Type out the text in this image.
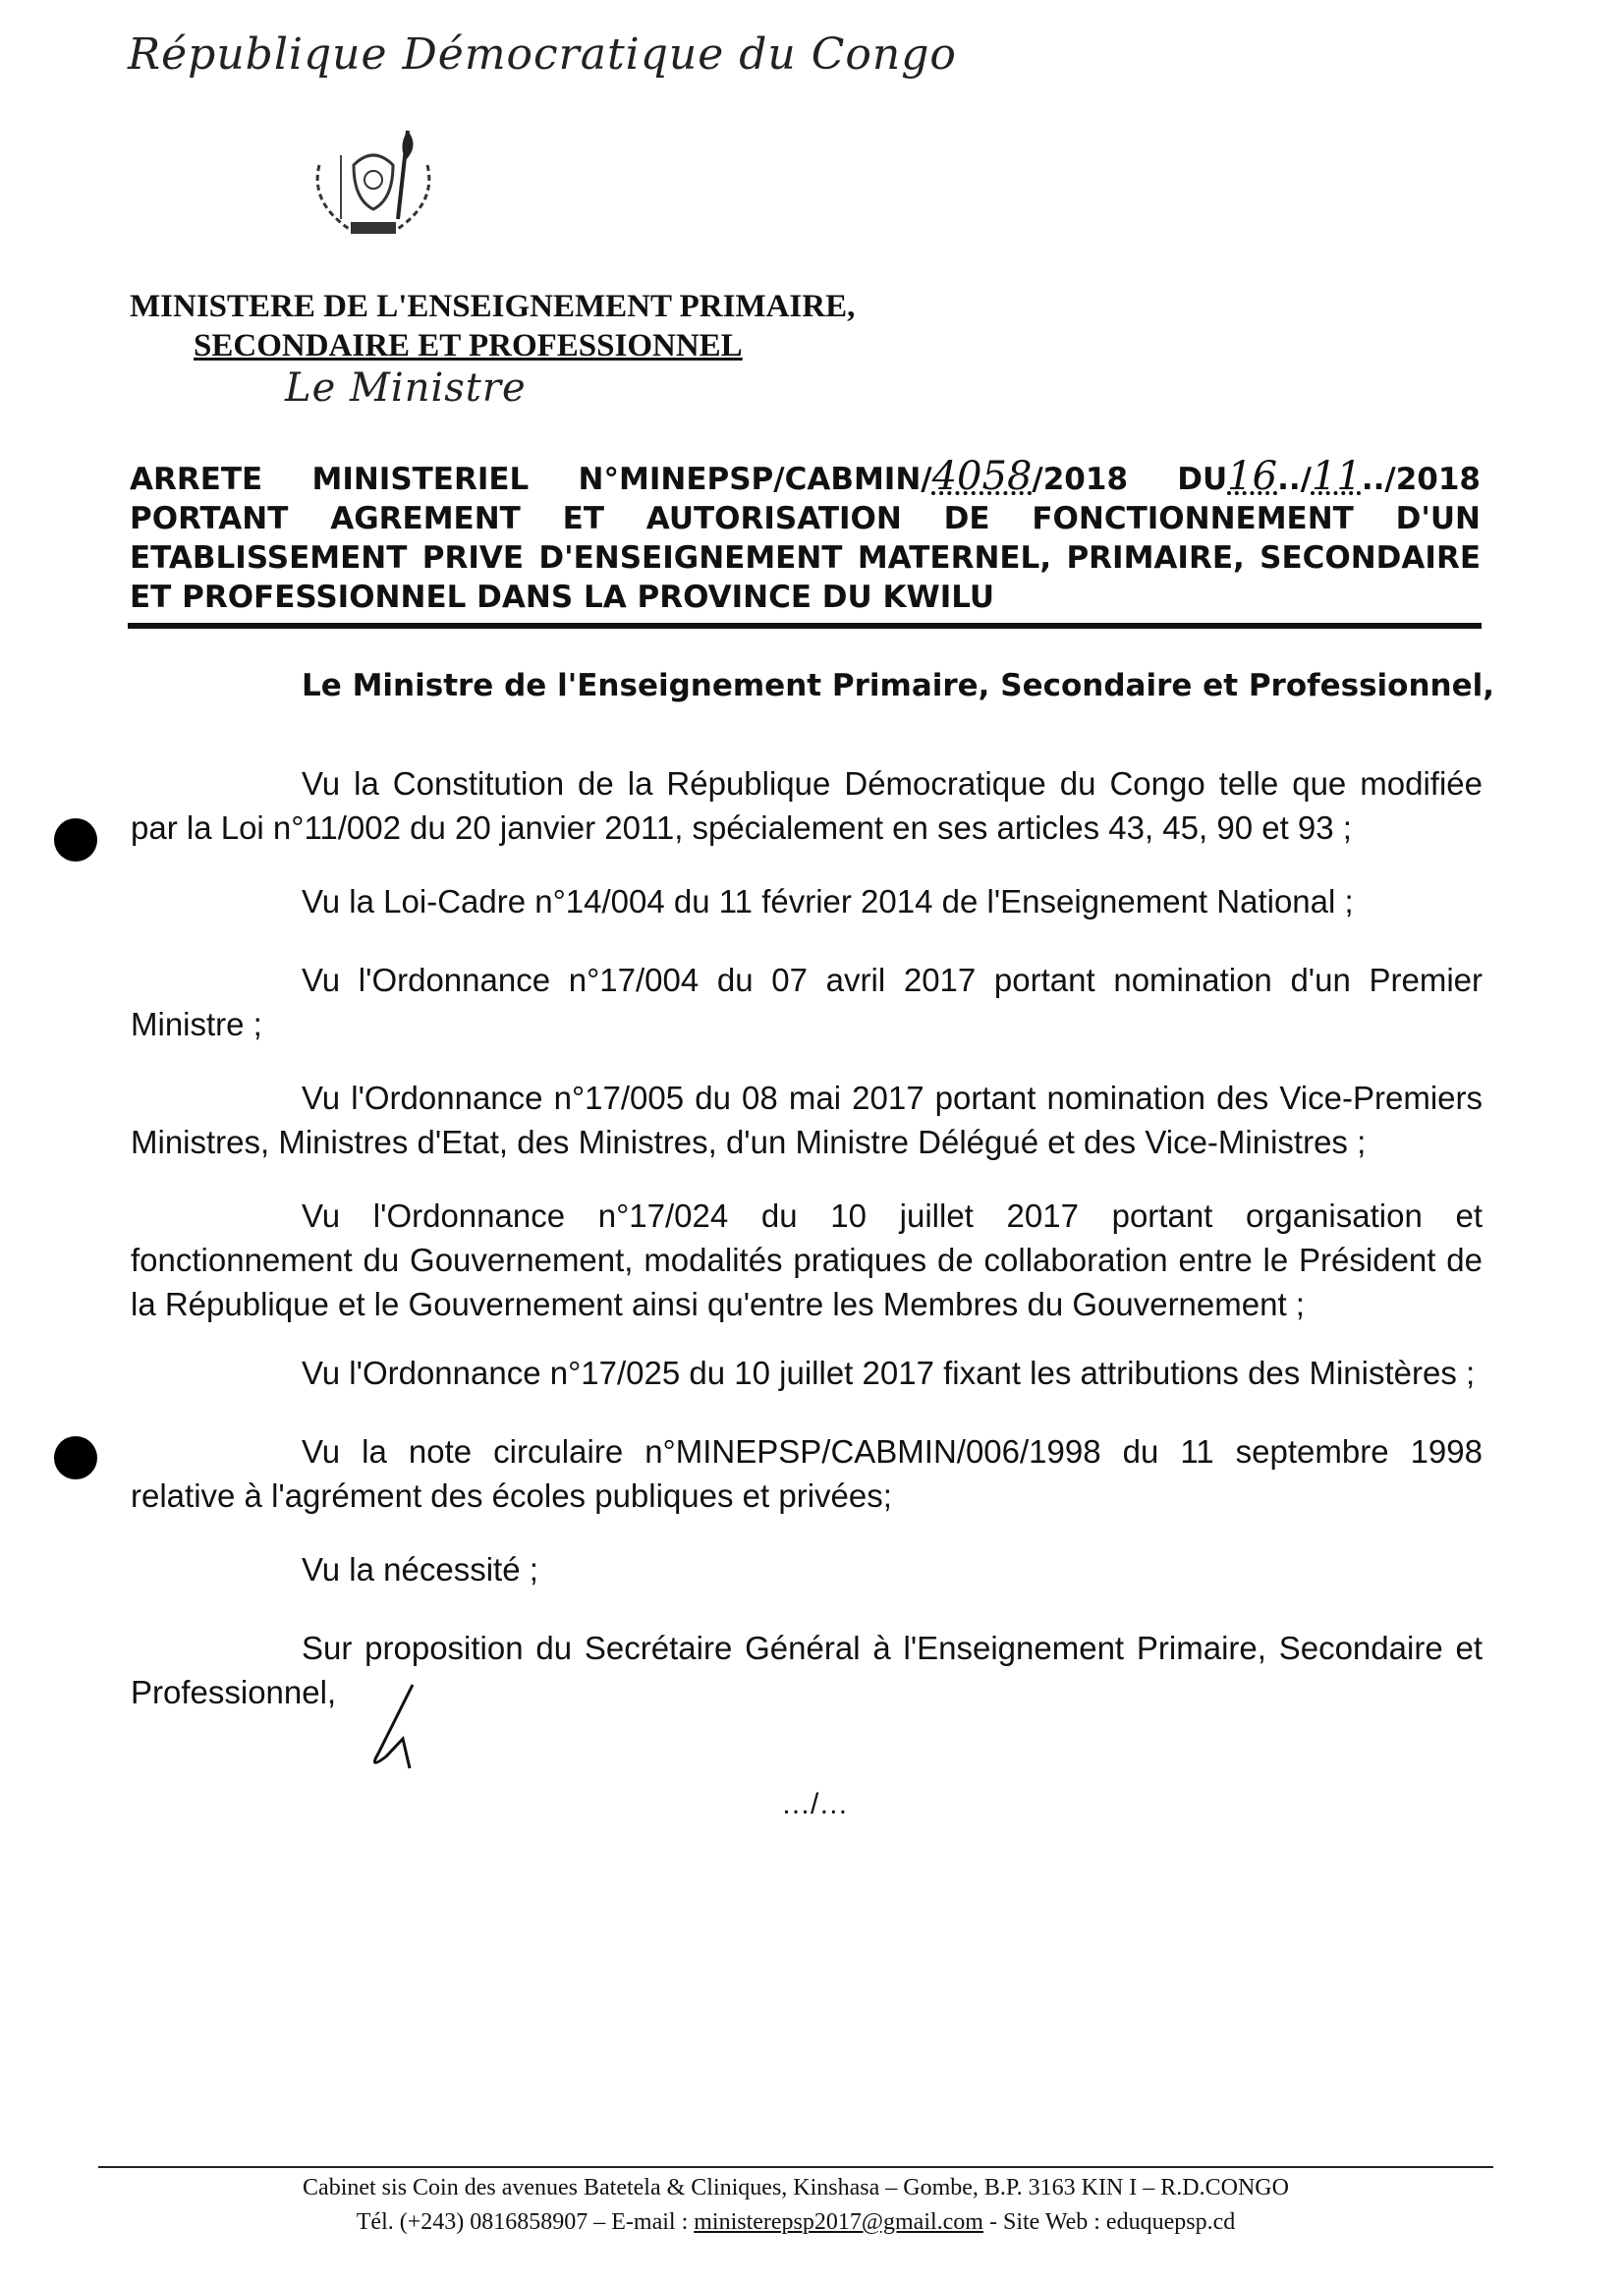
République Démocratique du Congo
MINISTERE DE L'ENSEIGNEMENT PRIMAIRE,
SECONDAIRE ET PROFESSIONNEL
Le Ministre
ARRETE MINISTERIEL N°MINEPSP/CABMIN/4058/2018 DU16../11../2018
PORTANT AGREMENT ET AUTORISATION DE FONCTIONNEMENT D'UN
ETABLISSEMENT PRIVE D'ENSEIGNEMENT MATERNEL, PRIMAIRE, SECONDAIRE
ET PROFESSIONNEL DANS LA PROVINCE DU KWILU
Le Ministre de l'Enseignement Primaire, Secondaire et Professionnel,
Vu la Constitution de la République Démocratique du Congo telle que modifiée par la Loi n°11/002 du 20 janvier 2011, spécialement en ses articles 43, 45, 90 et 93 ;
Vu la Loi-Cadre n°14/004 du 11 février 2014 de l'Enseignement National ;
Vu l'Ordonnance n°17/004 du 07 avril 2017 portant nomination d'un Premier Ministre ;
Vu l'Ordonnance n°17/005 du 08 mai 2017 portant nomination des Vice-Premiers Ministres, Ministres d'Etat, des Ministres, d'un Ministre Délégué et des Vice-Ministres ;
Vu l'Ordonnance n°17/024 du 10 juillet 2017 portant organisation et fonctionnement du Gouvernement, modalités pratiques de collaboration entre le Président de la République et le Gouvernement ainsi qu'entre les Membres du Gouvernement ;
Vu l'Ordonnance n°17/025 du 10 juillet 2017 fixant les attributions des Ministères ;
Vu la note circulaire n°MINEPSP/CABMIN/006/1998 du 11 septembre 1998 relative à l'agrément des écoles publiques et privées;
Vu la nécessité ;
Sur proposition du Secrétaire Général à l'Enseignement Primaire, Secondaire et Professionnel,
…/…
Cabinet sis Coin des avenues Batetela & Cliniques, Kinshasa – Gombe, B.P. 3163 KIN I – R.D.CONGO
Tél. (+243) 0816858907 – E-mail : ministerepsp2017@gmail.com - Site Web : eduquepsp.cd
